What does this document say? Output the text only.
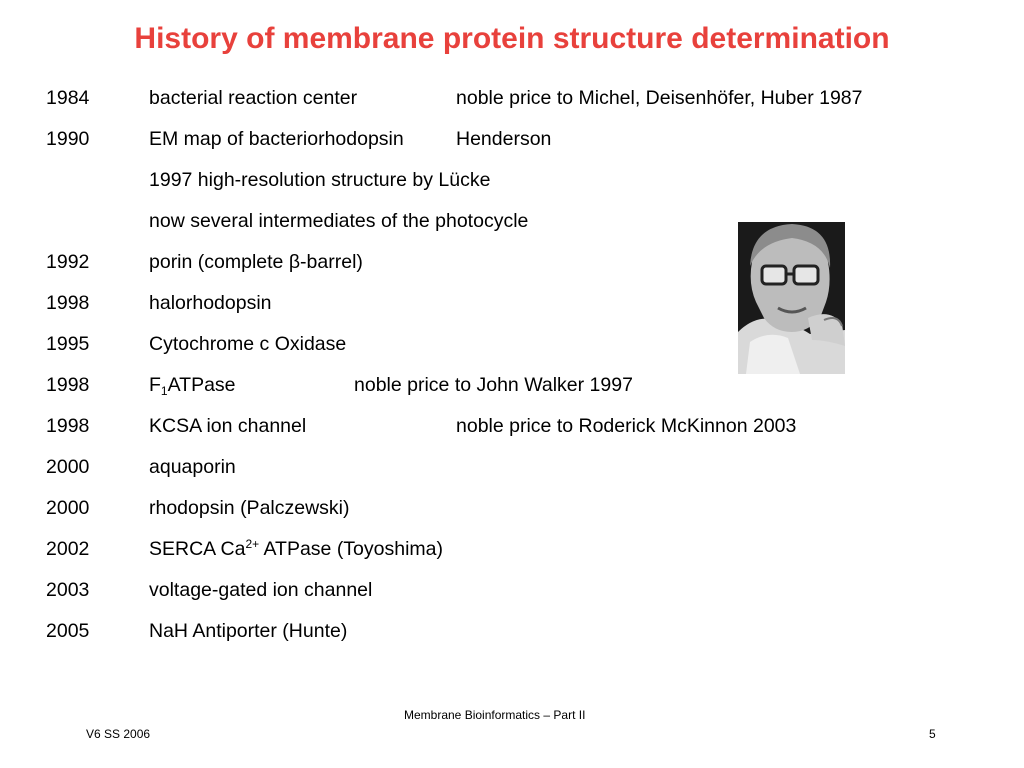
History of membrane protein structure determination
1984	bacterial reaction center	noble price to Michel, Deisenhöfer, Huber 1987
1990	EM map of bacteriorhodopsin	Henderson
1997 high-resolution structure by Lücke
now several intermediates of the photocycle
1992	porin (complete β-barrel)
1998	halorhodopsin
1995	Cytochrome c Oxidase
1998	$F_1ATPase$	noble price to John Walker 1997
1998	KCSA ion channel	noble price to Roderick McKinnon 2003
2000	aquaporin
2000	rhodopsin (Palczewski)
2002	SERCA $Ca^{2+}$ ATPase (Toyoshima)
2003	voltage-gated ion channel
2005	NaH Antiporter (Hunte)
Membrane Bioinformatics – Part II
V6 SS 2006	5
